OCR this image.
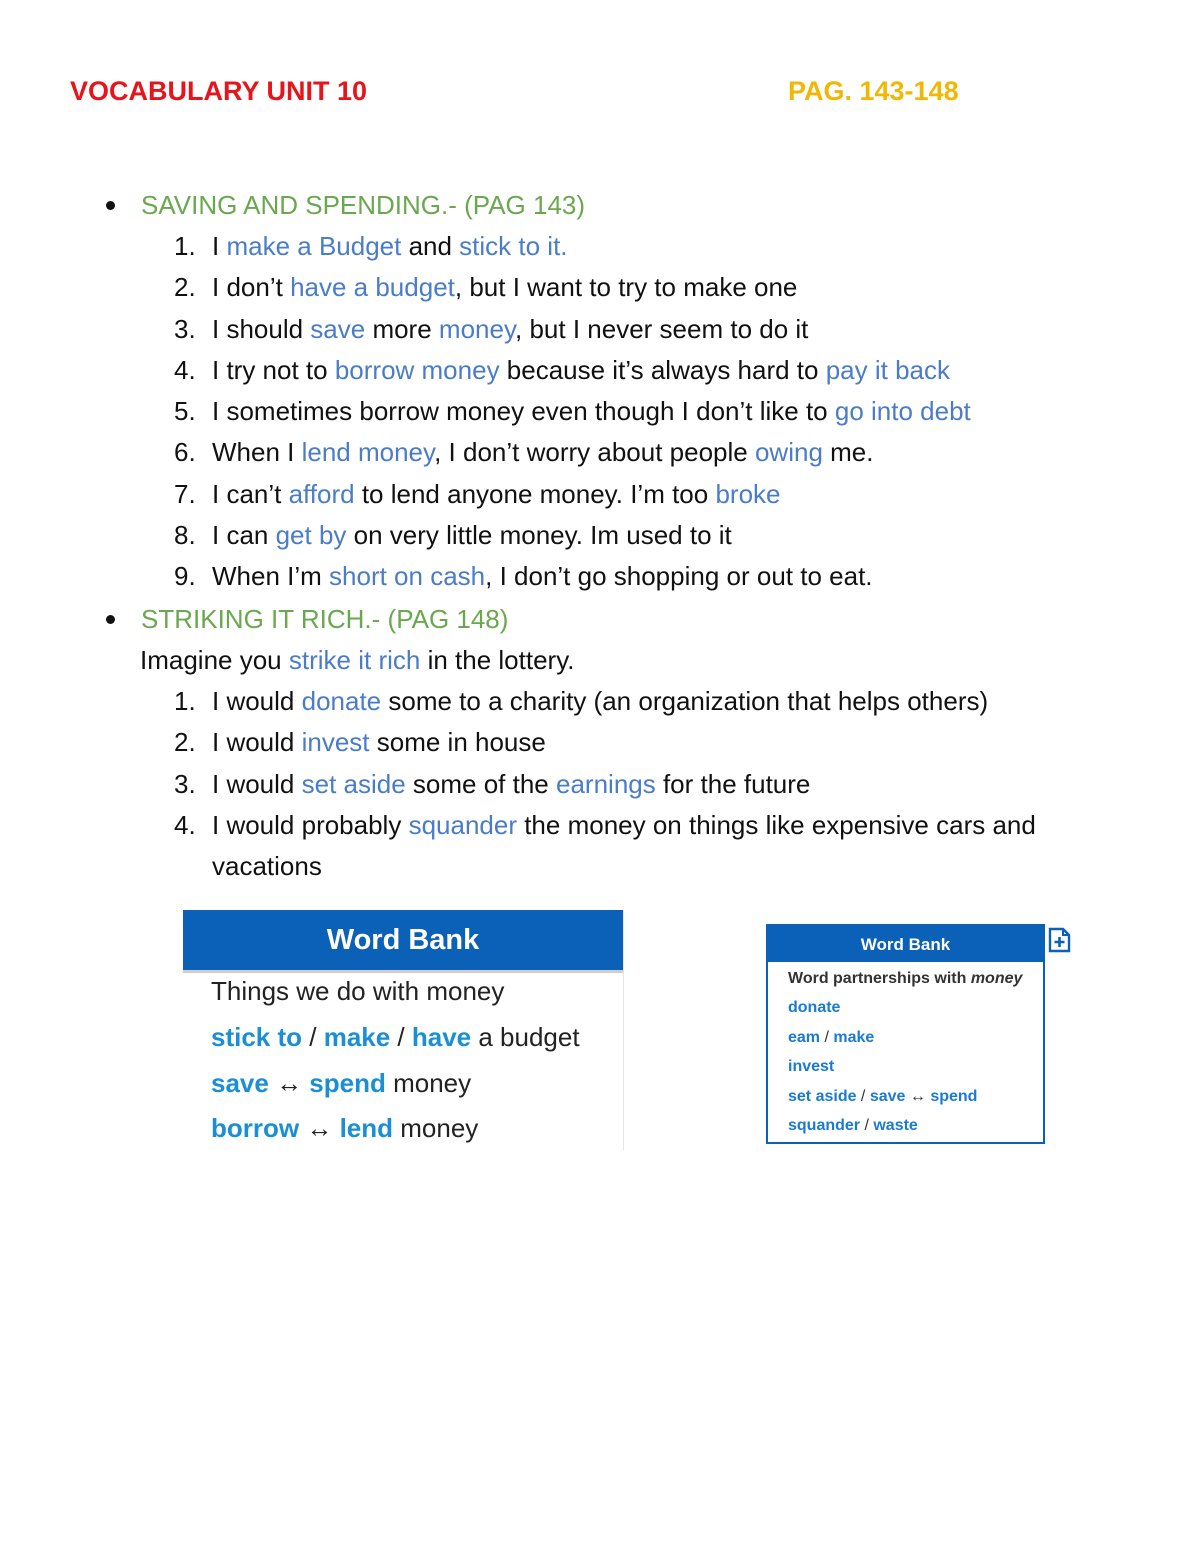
VOCABULARY UNIT 10	PAG. 143-148
SAVING AND SPENDING.- (PAG 143)
1. I make a Budget and stick to it.
2. I don’t have a budget, but I want to try to make one
3. I should save more money, but I never seem to do it
4. I try not to borrow money because it’s always hard to pay it back
5. I sometimes borrow money even though I don’t like to go into debt
6. When I lend money, I don’t worry about people owing me.
7. I can’t afford to lend anyone money. I’m too broke
8. I can get by on very little money. Im used to it
9. When I’m short on cash, I don’t go shopping or out to eat.
STRIKING IT RICH.- (PAG 148)
Imagine you strike it rich in the lottery.
1. I would donate some to a charity (an organization that helps others)
2. I would invest some in house
3. I would set aside some of the earnings for the future
4. I would probably squander the money on things like expensive cars and vacations
Word Bank
Things we do with money
stick to / make / have a budget
save ↔ spend money
borrow ↔ lend money
Word Bank
Word partnerships with money
donate
eam / make
invest
set aside / save ↔ spend
squander / waste
